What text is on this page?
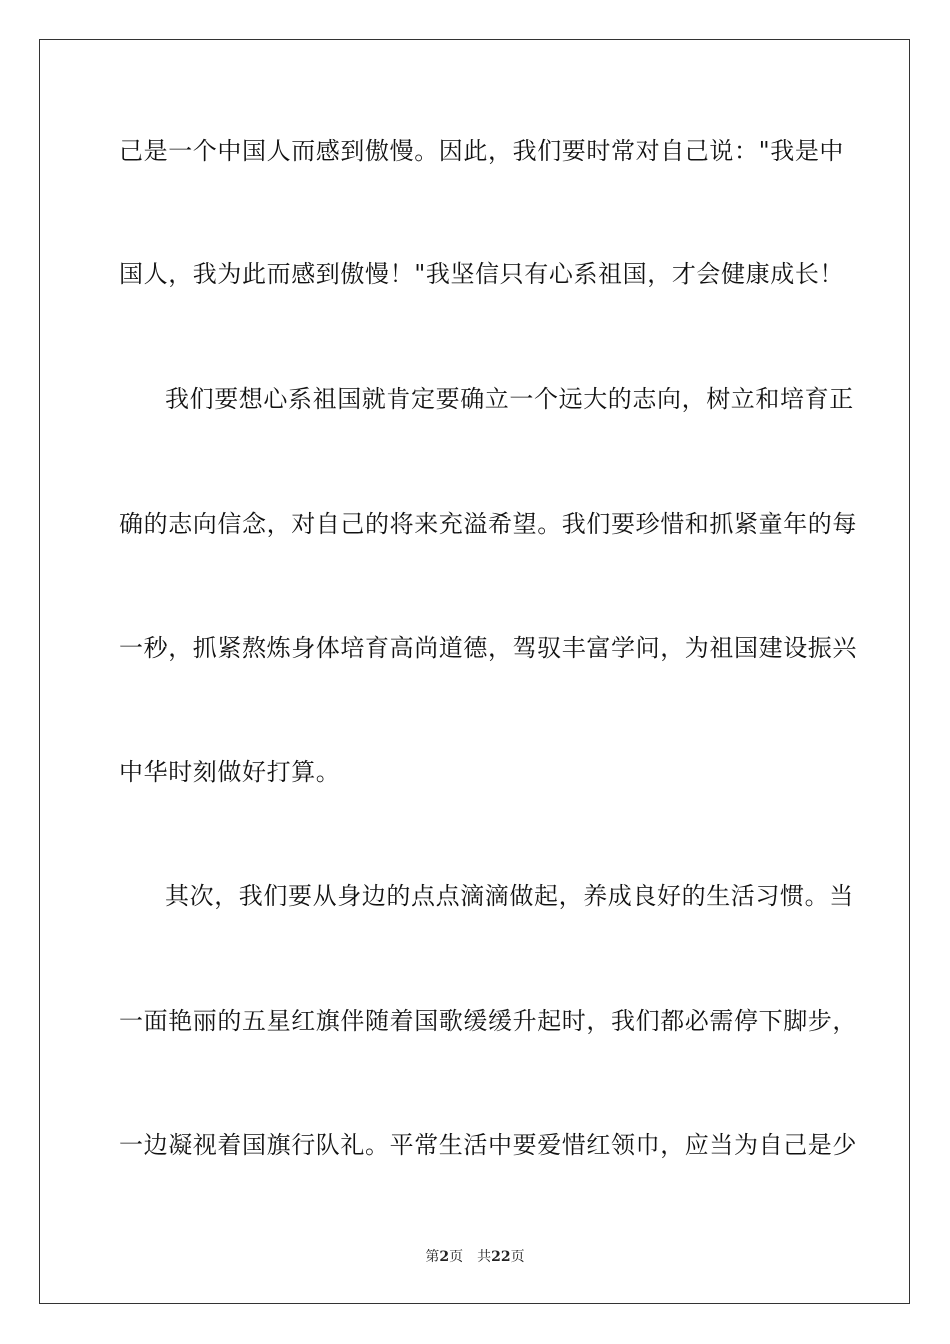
己是一个中国人而感到傲慢。因此，我们要时常对自己说："我是中
国人，我为此而感到傲慢！"我坚信只有心系祖国，才会健康成长！
我们要想心系祖国就肯定要确立一个远大的志向，树立和培育正
确的志向信念，对自己的将来充溢希望。我们要珍惜和抓紧童年的每
一秒，抓紧熬炼身体培育高尚道德，驾驭丰富学问，为祖国建设振兴
中华时刻做好打算。
其次，我们要从身边的点点滴滴做起，养成良好的生活习惯。当
一面艳丽的五星红旗伴随着国歌缓缓升起时，我们都必需停下脚步，
一边凝视着国旗行队礼。平常生活中要爱惜红领巾，应当为自己是少
第2页 共22页
